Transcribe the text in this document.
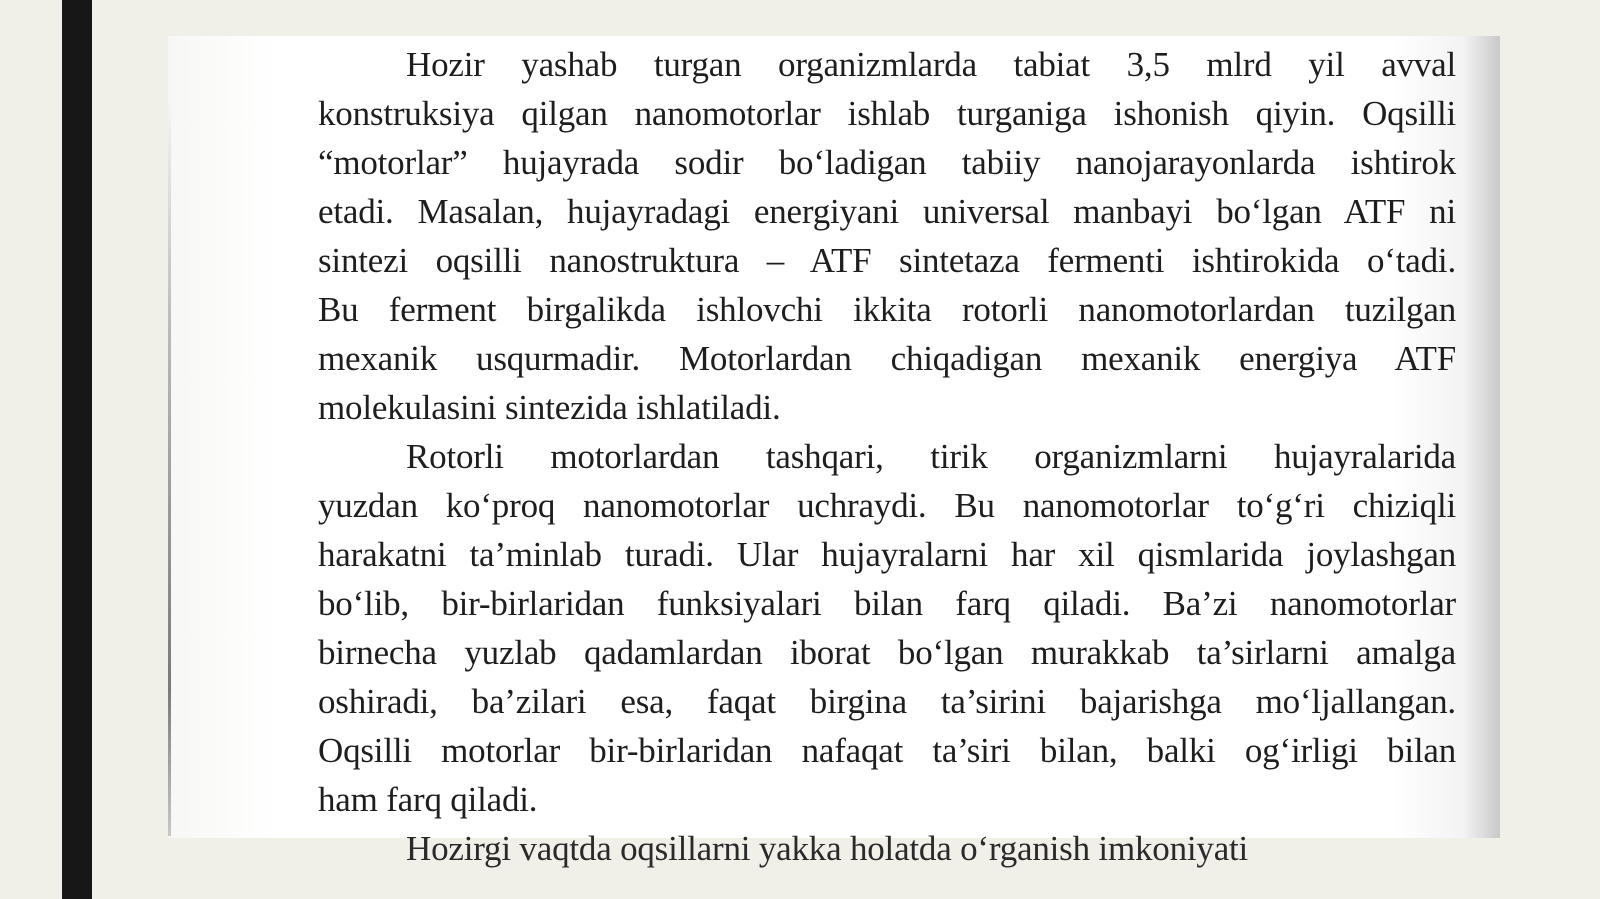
Hozir yashab turgan organizmlarda tabiat 3,5 mlrd yil avval
konstruksiya qilgan nanomotorlar ishlab turganiga ishonish qiyin. Oqsilli
“motorlar” hujayrada sodir bo‘ladigan tabiiy nanojarayonlarda ishtirok
etadi. Masalan, hujayradagi energiyani universal manbayi bo‘lgan ATF ni
sintezi oqsilli nanostruktura – ATF sintetaza fermenti ishtirokida o‘tadi.
Bu ferment birgalikda ishlovchi ikkita rotorli nanomotorlardan tuzilgan
mexanik usqurmadir. Motorlardan chiqadigan mexanik energiya ATF
molekulasini sintezida ishlatiladi.
Rotorli motorlardan tashqari, tirik organizmlarni hujayralarida
yuzdan ko‘proq nanomotorlar uchraydi. Bu nanomotorlar to‘g‘ri chiziqli
harakatni ta’minlab turadi. Ular hujayralarni har xil qismlarida joylashgan
bo‘lib, bir-birlaridan funksiyalari bilan farq qiladi. Ba’zi nanomotorlar
birnecha yuzlab qadamlardan iborat bo‘lgan murakkab ta’sirlarni amalga
oshiradi, ba’zilari esa, faqat birgina ta’sirini bajarishga mo‘ljallangan.
Oqsilli motorlar bir-birlaridan nafaqat ta’siri bilan, balki og‘irligi bilan
ham farq qiladi.
Hozirgi vaqtda oqsillarni yakka holatda o‘rganish imkoniyati
